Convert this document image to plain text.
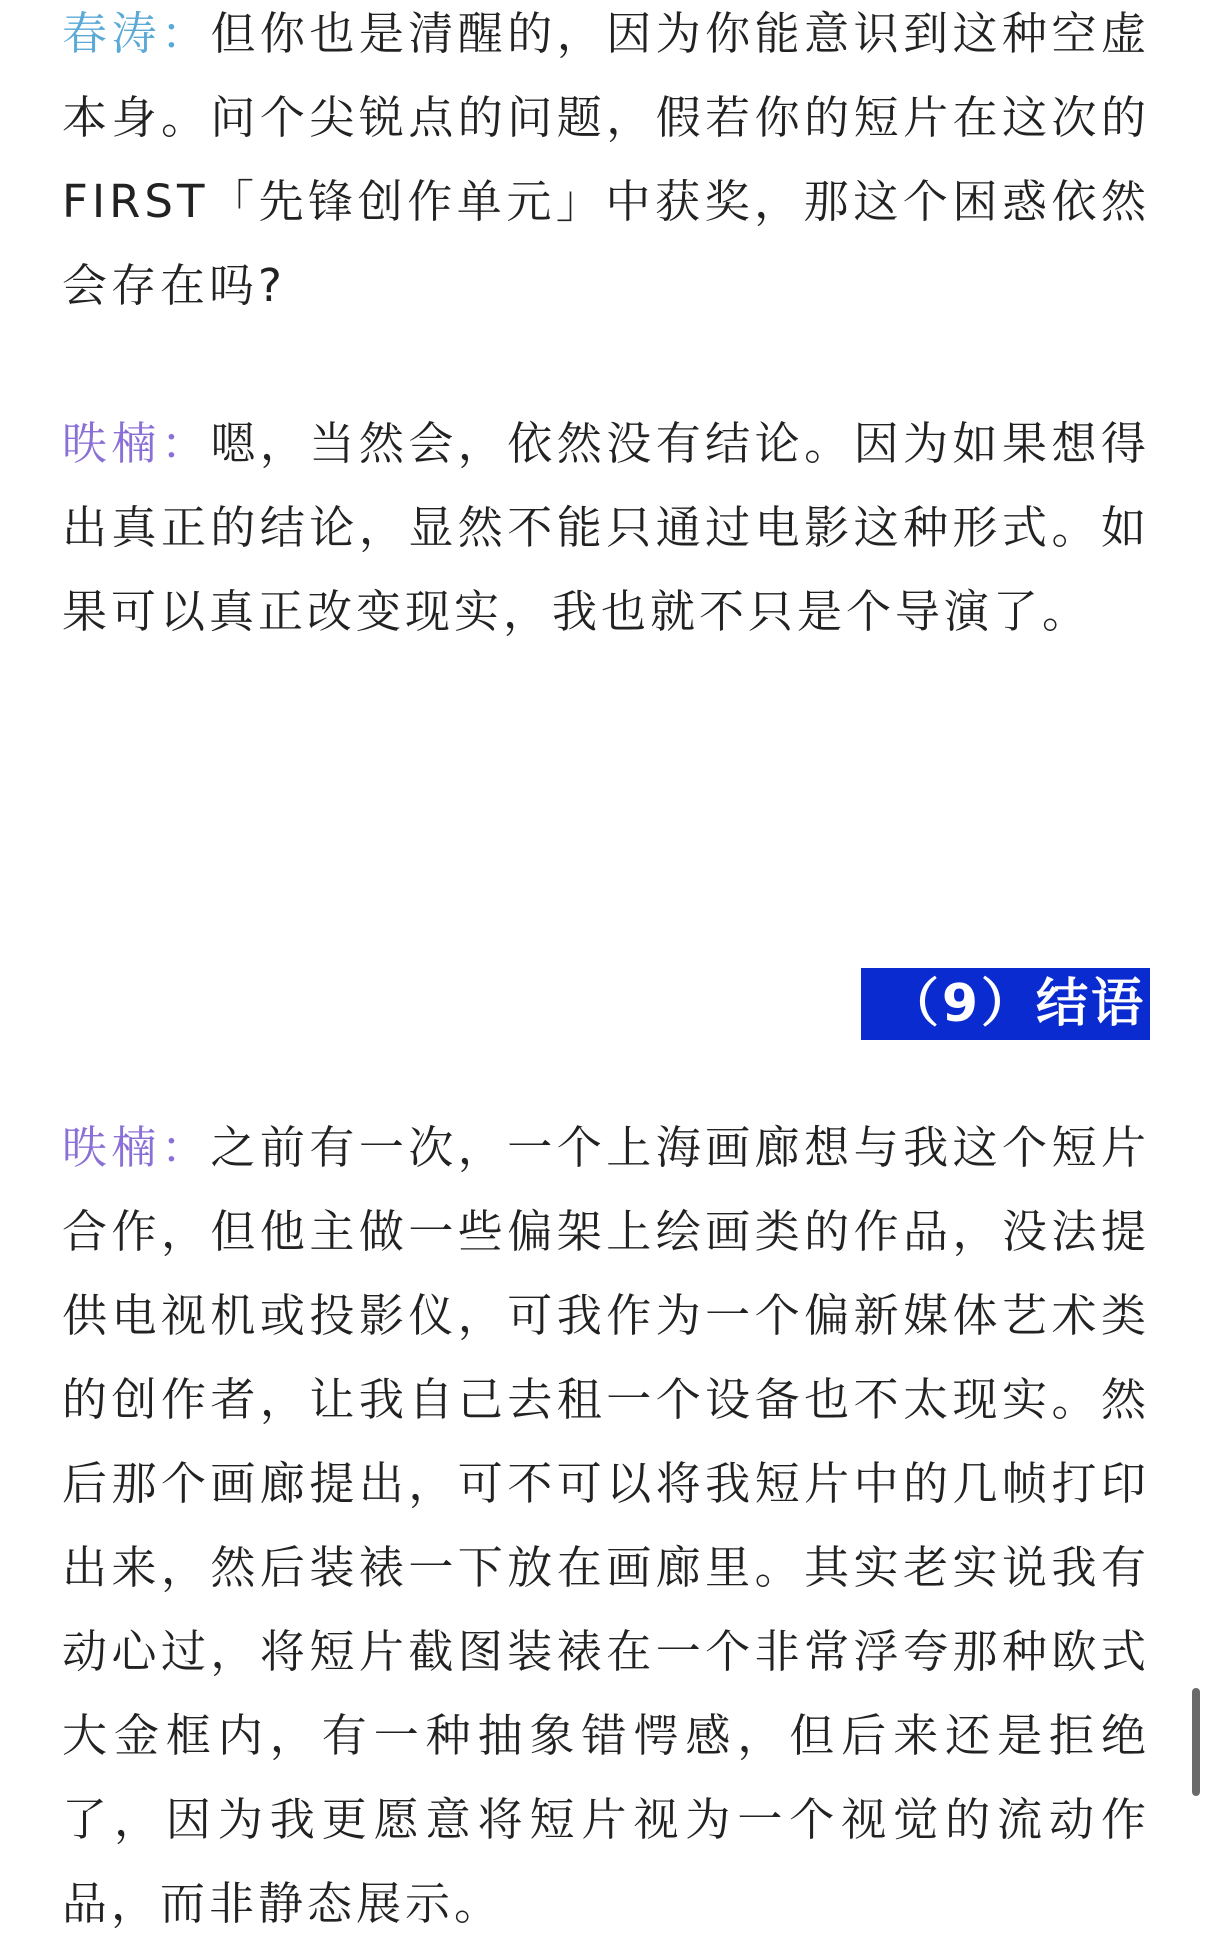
春涛：但你也是清醒的，因为你能意识到这种空虚本身。问个尖锐点的问题，假若你的短片在这次的FIRST「先锋创作单元」中获奖，那这个困惑依然会存在吗?

昳楠：嗯，当然会，依然没有结论。因为如果想得出真正的结论，显然不能只通过电影这种形式。如果可以真正改变现实，我也就不只是个导演了。

（9）结语

昳楠：之前有一次，一个上海画廊想与我这个短片合作，但他主做一些偏架上绘画类的作品，没法提供电视机或投影仪，可我作为一个偏新媒体艺术类的创作者，让我自己去租一个设备也不太现实。然后那个画廊提出，可不可以将我短片中的几帧打印出来，然后装裱一下放在画廊里。其实老实说我有动心过，将短片截图装裱在一个非常浮夸那种欧式大金框内，有一种抽象错愕感，但后来还是拒绝了，因为我更愿意将短片视为一个视觉的流动作品，而非静态展示。
